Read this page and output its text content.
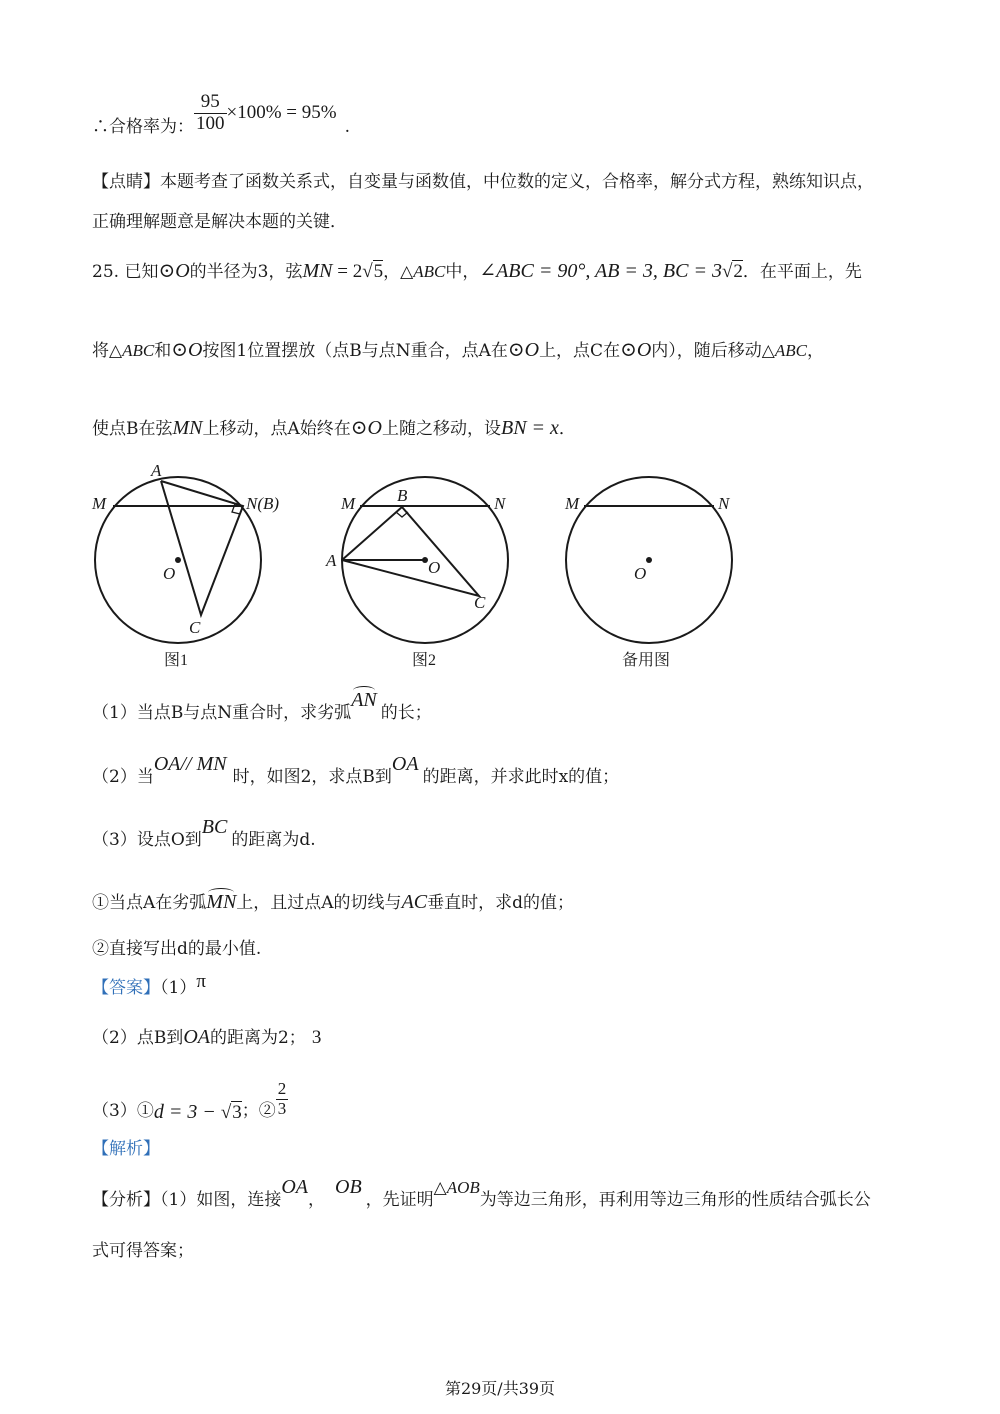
∴合格率为： $\frac{95}{100} \times 100\% = 95\%$.
【点睛】本题考查了函数关系式，自变量与函数值，中位数的定义，合格率，解分式方程，熟练知识点，
正确理解题意是解决本题的关键．
25. 已知⊙O的半径为3，弦MN = 2√5，△ABC中，∠ABC = 90°, AB = 3, BC = 3√2．在平面上，先
将△ABC和⊙O按图1位置摆放（点B与点N重合，点A在⊙O上，点C在⊙O内），随后移动△ABC，
使点B在弦MN上移动，点A始终在⊙O上随之移动，设BN = x．
M	N(B)
A
O
C
M	N
B
A	O
C
M	N
O
图1	图2	备用图
（1）当点B与点N重合时，求劣弧AN的长；
（2）当OA// MN时，如图2，求点B到OA的距离，并求此时x的值；
（3）设点O到BC的距离为d.
①当点A在劣弧MN上，且过点A的切线与AC垂直时，求d的值；
②直接写出d的最小值.
【答案】（1）π
（2）点B到OA的距离为2； 3
（3）①d = 3 − √3；② $\frac{2}{3}$
【解析】
【分析】（1）如图，连接OA，OB，先证明△AOB为等边三角形，再利用等边三角形的性质结合弧长公
式可得答案；
第29页/共39页
